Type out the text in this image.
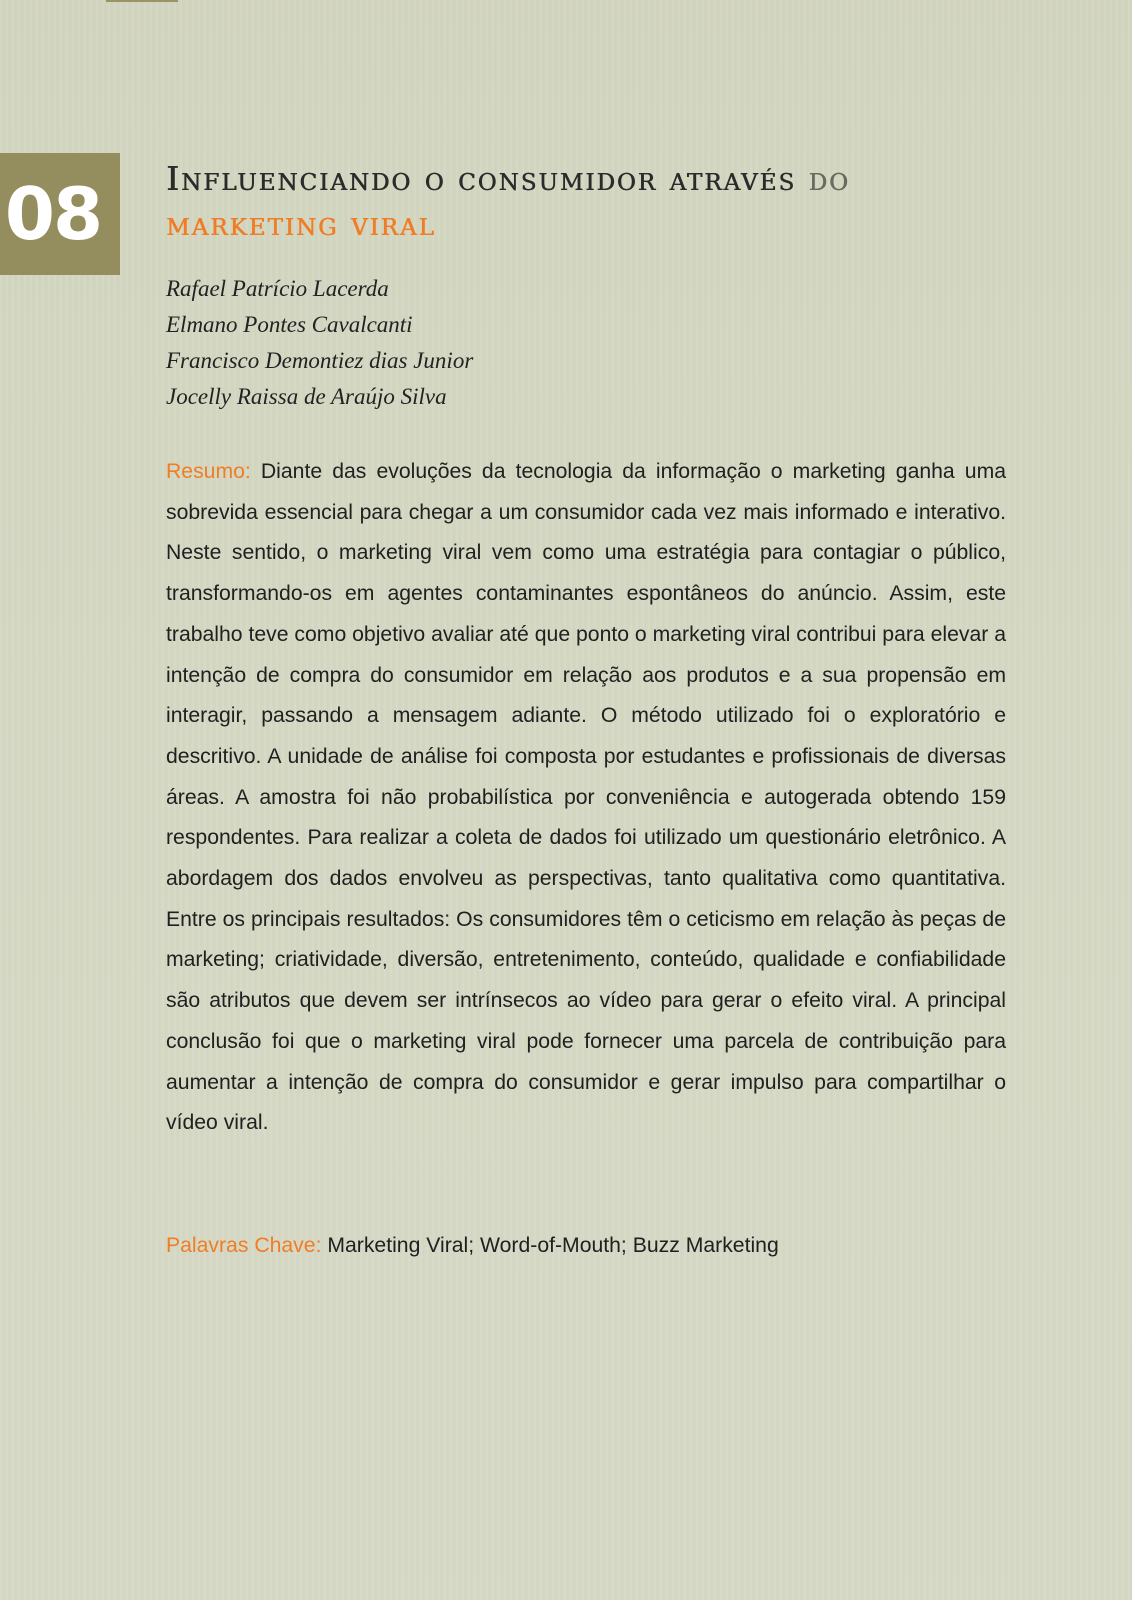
08 Influenciando o consumidor através do
marketing viral
Rafael Patrício Lacerda
Elmano Pontes Cavalcanti
Francisco Demontiez dias Junior
Jocelly Raissa de Araújo Silva

Resumo: Diante das evoluções da tecnologia da informação o marketing ganha uma sobrevida essencial para chegar a um consumidor cada vez mais informado e interativo. Neste sentido, o marketing viral vem como uma estratégia para contagiar o público, transformando-os em agentes contaminantes espontâneos do anúncio. Assim, este trabalho teve como objetivo avaliar até que ponto o marketing viral contribui para elevar a intenção de compra do consumidor em relação aos produtos e a sua propensão em interagir, passando a mensagem adiante. O método utilizado foi o exploratório e descritivo. A unidade de análise foi composta por estudantes e profissionais de diversas áreas. A amostra foi não probabilística por conveniência e autogerada obtendo 159 respondentes. Para realizar a coleta de dados foi utilizado um questionário eletrônico. A abordagem dos dados envolveu as perspectivas, tanto qualitativa como quantitativa. Entre os principais resultados: Os consumidores têm o ceticismo em relação às peças de marketing; criatividade, diversão, entretenimento, conteúdo, qualidade e confiabilidade são atributos que devem ser intrínsecos ao vídeo para gerar o efeito viral. A principal conclusão foi que o marketing viral pode fornecer uma parcela de contribuição para aumentar a intenção de compra do consumidor e gerar impulso para compartilhar o vídeo viral.

Palavras Chave: Marketing Viral; Word-of-Mouth; Buzz Marketing
